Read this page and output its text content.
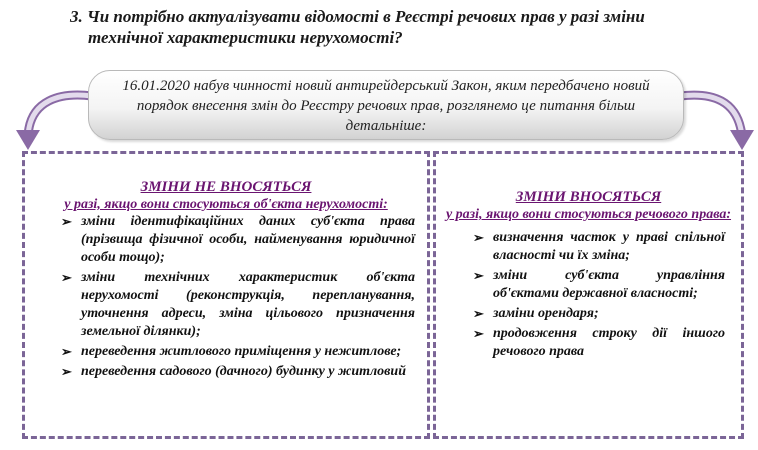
3. Чи потрібно актуалізувати відомості в Реєстрі речових прав у разі зміни
технічної характеристики нерухомості?
16.01.2020 набув чинності новий антирейдерський Закон, яким передбачено новий порядок внесення змін до Реєстру речових прав, розглянемо це питання більш детальніше:
ЗМІНИ НЕ ВНОСЯТЬСЯ
у разі, якщо вони стосуються об'єкта нерухомості:
➢ зміни ідентифікаційних даних суб'єкта права (прізвища фізичної особи, найменування юридичної особи тощо);
➢ зміни технічних характеристик об'єкта нерухомості (реконструкція, перепланування, уточнення адреси, зміна цільового призначення земельної ділянки);
➢ переведення житлового приміщення у нежитлове;
➢ переведення садового (дачного) будинку у житловий
ЗМІНИ ВНОСЯТЬСЯ
у разі, якщо вони стосуються речового права:
➢ визначення часток у праві спільної власності чи їх зміна;
➢ зміни суб'єкта управління об'єктами державної власності;
➢ заміни орендаря;
➢ продовження строку дії іншого речового права
